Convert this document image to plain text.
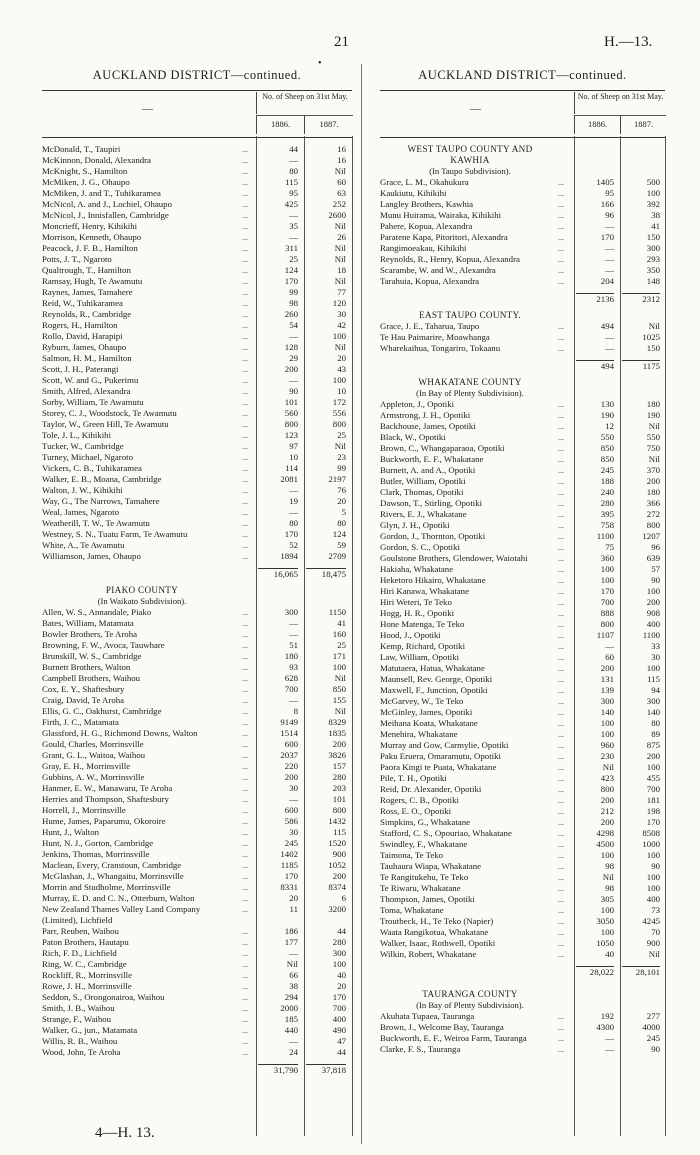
21	H.—13.
•
AUCKLAND DISTRICT—continued.	AUCKLAND DISTRICT—continued.
—
No. of Sheep on 31st May.
1886.	1887.
—
No. of Sheep on 31st May.
1886.	1887.
McDonald, T., Taupiri	...	44	16
McKinnon, Donald, Alexandra	...	—	16
McKnight, S., Hamilton	...	80	Nil
McMiken, J. G., Ohaupo	...	115	60
McMiken, J. and T., Tuhikaramea	...	95	63
McNicol, A. and J., Lochiel, Ohaupo	...	425	252
McNicol, J., Innisfallen, Cambridge	...	—	2600
Moncrieff, Henry, Kihikihi	...	35	Nil
Morrison, Kenneth, Ohaupo	...	—	26
Peacock, J. F. B., Hamilton	...	311	Nil
Potts, J. T., Ngaroto	...	25	Nil
Qualtrough, T., Hamilton	...	124	18
Ramsay, Hugh, Te Awamutu	...	170	Nil
Raynes, James, Tamahere	...	99	77
Reid, W., Tuhikaramea	...	98	120
Reynolds, R., Cambridge	...	260	30
Rogers, H., Hamilton	...	54	42
Rollo, David, Harapipi	...	—	100
Ryburn, James, Ohaupo	...	128	Nil
Salmon, H. M., Hamilton	...	29	20
Scott, J. H., Paterangi	...	200	43
Scott, W. and G., Pukerimu	...	—	100
Smith, Alfred, Alexandra	...	90	10
Sorby, William, Te Awamutu	...	101	172
Storey, C. J., Woodstock, Te Awamutu	...	560	556
Taylor, W., Green Hill, Te Awamutu	...	800	800
Tole, J. L., Kihikihi	...	123	25
Tucker, W., Cambridge	...	97	Nil
Turney, Michael, Ngaroto	...	10	23
Vickers, C. B., Tuhikaramea	...	114	99
Walker, E. B., Moana, Cambridge	...	2081	2197
Walton, J. W., Kihikihi	...	—	76
Way, G., The Narrows, Tamahere	...	19	20
Weal, James, Ngaroto	...	—	5
Weatherill, T. W., Te Awamutu	...	80	80
Westney, S. N., Tuatu Farm, Te Awamutu	...	170	124
White, A., Te Awamutu	...	52	59
Williamson, James, Ohaupo	...	1894	2709
16,065	18,475
PIAKO COUNTY
(In Waikato Subdivision).
Allen, W. S., Annandale, Piako	...	300	1150
Bates, William, Matamata	...	—	41
Bowler Brothers, Te Aroha	...	—	160
Browning, F. W., Avoca, Tauwhare	...	51	25
Brunskill, W. S., Cambridge	...	180	171
Burnett Brothers, Walton	...	93	100
Campbell Brothers, Waihou	...	628	Nil
Cox, E. Y., Shaftesbury	...	700	850
Craig, David, Te Aroha	...	—	155
Ellis, G. C., Oakhurst, Cambridge	...	8	Nil
Firth, J. C., Matamata	...	9149	8329
Glassford, H. G., Richmond Downs, Walton	...	1514	1835
Gould, Charles, Morrinsville	...	600	200
Grant, G. L., Waitoa, Waihou	...	2037	3826
Gray, E. H., Morrinsville	...	220	157
Gubbins, A. W., Morrinsville	...	200	280
Hanmer, E. W., Manawaru, Te Aroha	...	30	203
Herries and Thompson, Shaftesbury	...	—	101
Horrell, J., Morrinsville	...	600	800
Hume, James, Paparumu, Okoroire	...	586	1432
Hunt, J., Walton	...	30	115
Hunt, N. J., Gorton, Cambridge	...	245	1520
Jenkins, Thomas, Morrinsville	...	1402	900
Maclean, Every, Cranstoun, Cambridge	...	1185	1052
McGlashan, J., Whangaitu, Morrinsville	...	170	200
Morrin and Studholme, Morrinsville	...	8331	8374
Murray, E. D. and C. N., Otterburn, Walton	...	20	6
New Zealand Thames Valley Land Company	...	11	3200
(Limited), Lichfield
Parr, Reuben, Waihou	...	186	44
Paton Brothers, Hautapu	...	177	280
Rich, F. D., Lichfield	...	—	300
Ring, W. C., Cambridge	...	Nil	100
Rockliff, R., Morrinsville	...	66	40
Rowe, J. H., Morrinsville	...	38	20
Seddon, S., Orongonairoa, Waihou	...	294	170
Smith, J. B., Waihou	...	2000	700
Strange, F., Waihou	...	185	400
Walker, G., jun., Matamata	...	440	490
Willis, R. B., Waihou	...	—	47
Wood, John, Te Aroha	...	24	44
31,790	37,818
WEST TAUPO COUNTY AND
KAWHIA
(In Taupo Subdivision).
Grace, L. M., Okahukura	...	1405	500
Kaukiutu, Kihikihi	...	95	100
Langley Brothers, Kawhia	...	166	392
Munu Huirama, Wairaka, Kihikihi	...	96	38
Pahere, Kopua, Alexandra	...	—	41
Paratene Kapa, Pitoritori, Alexandra	...	170	150
Rangimoeakau, Kihikihi	...	—	300
Reynolds, R., Henry, Kopua, Alexandra	...	—	293
Scarambe, W. and W., Alexandra	...	—	350
Tarahuia, Kopua, Alexandra	...	204	148
2136	2312
EAST TAUPO COUNTY.
Grace, J. E., Taharua, Taupo	...	494	Nil
Te Hau Paimarire, Moawhanga	...	—	1025
Wharekaihua, Tongariro, Tokaanu	...	—	150
494	1175
WHAKATANE COUNTY
(In Bay of Plenty Subdivision).
Appleton, J., Opotiki	...	130	180
Armstrong, J. H., Opotiki	...	190	190
Backhouse, James, Opotiki	...	12	Nil
Black, W., Opotiki	...	550	550
Brown, C., Whangaparaoa, Opotiki	...	850	750
Buckworth, E. F., Whakatane	...	850	Nil
Burnett, A. and A., Opotiki	...	245	370
Butler, William, Opotiki	...	188	200
Clark, Thomas, Opotiki	...	240	180
Dawson, T., Stirling, Opotiki	...	280	366
Rivers, E. J., Whakatane	...	395	272
Glyn, J. H., Opotiki	...	758	800
Gordon, J., Thornton, Opotiki	...	1100	1207
Gordon, S. C., Opotiki	...	75	96
Goulstone Brothers, Glendower, Waiotahi	...	360	639
Hakiaha, Whakatane	...	100	57
Heketoro Hikairo, Whakatane	...	100	90
Hiri Kanawa, Whakatane	...	170	100
Hiri Weteri, Te Teko	...	700	200
Hogg, H. R., Opotiki	...	888	908
Hone Matenga, Te Teko	...	800	400
Hood, J., Opotiki	...	1107	1100
Kemp, Richard, Opotiki	...	—	33
Law, William, Opotiki	...	60	30
Matutaera, Hatua, Whakatane	...	200	100
Maunsell, Rev. George, Opotiki	...	131	115
Maxwell, F., Junction, Opotiki	...	139	94
McGarvey, W., Te Teko	...	300	300
McGinley, James, Opotiki	...	140	140
Meihana Koata, Whakatane	...	100	80
Menehira, Whakatane	...	100	89
Murray and Gow, Carmylie, Opotiki	...	960	875
Paku Eruera, Omaramutu, Opotiki	...	230	200
Paora Kingi te Puata, Whakatane	...	Nil	100
Pile, T. H., Opotiki	...	423	455
Reid, Dr. Alexander, Opotiki	...	800	700
Rogers, C. B., Opotiki	...	200	181
Ross, E. O., Opotiki	...	212	198
Simpkins, G., Whakatane	...	200	170
Stafford, C. S., Opouriao, Whakatane	...	4298	8508
Swindley, F., Whakatane	...	4500	1000
Taimona, Te Teko	...	100	100
Tauhaura Wiapa, Whakatane	...	98	90
Te Rangitukehu, Te Teko	...	Nil	100
Te Riwaru, Whakatane	...	98	100
Thompson, James, Opotiki	...	305	400
Toma, Whakatane	...	100	73
Troutbeck, H., Te Teko (Napier)	...	3050	4245
Waata Rangikotua, Whakatane	...	100	70
Walker, Isaac, Rothwell, Opotiki	...	1050	900
Wilkin, Robert, Whakatane	...	40	Nil
28,022	28,101
TAURANGA COUNTY
(In Bay of Plenty Subdivision).
Akuhata Tupaea, Tauranga	...	192	277
Brown, J., Welcome Bay, Tauranga	...	4300	4000
Buckworth, E. F., Weiroa Farm, Tauranga	...	—	245
Clarke, F. S., Tauranga	...	—	90
4—H. 13.
